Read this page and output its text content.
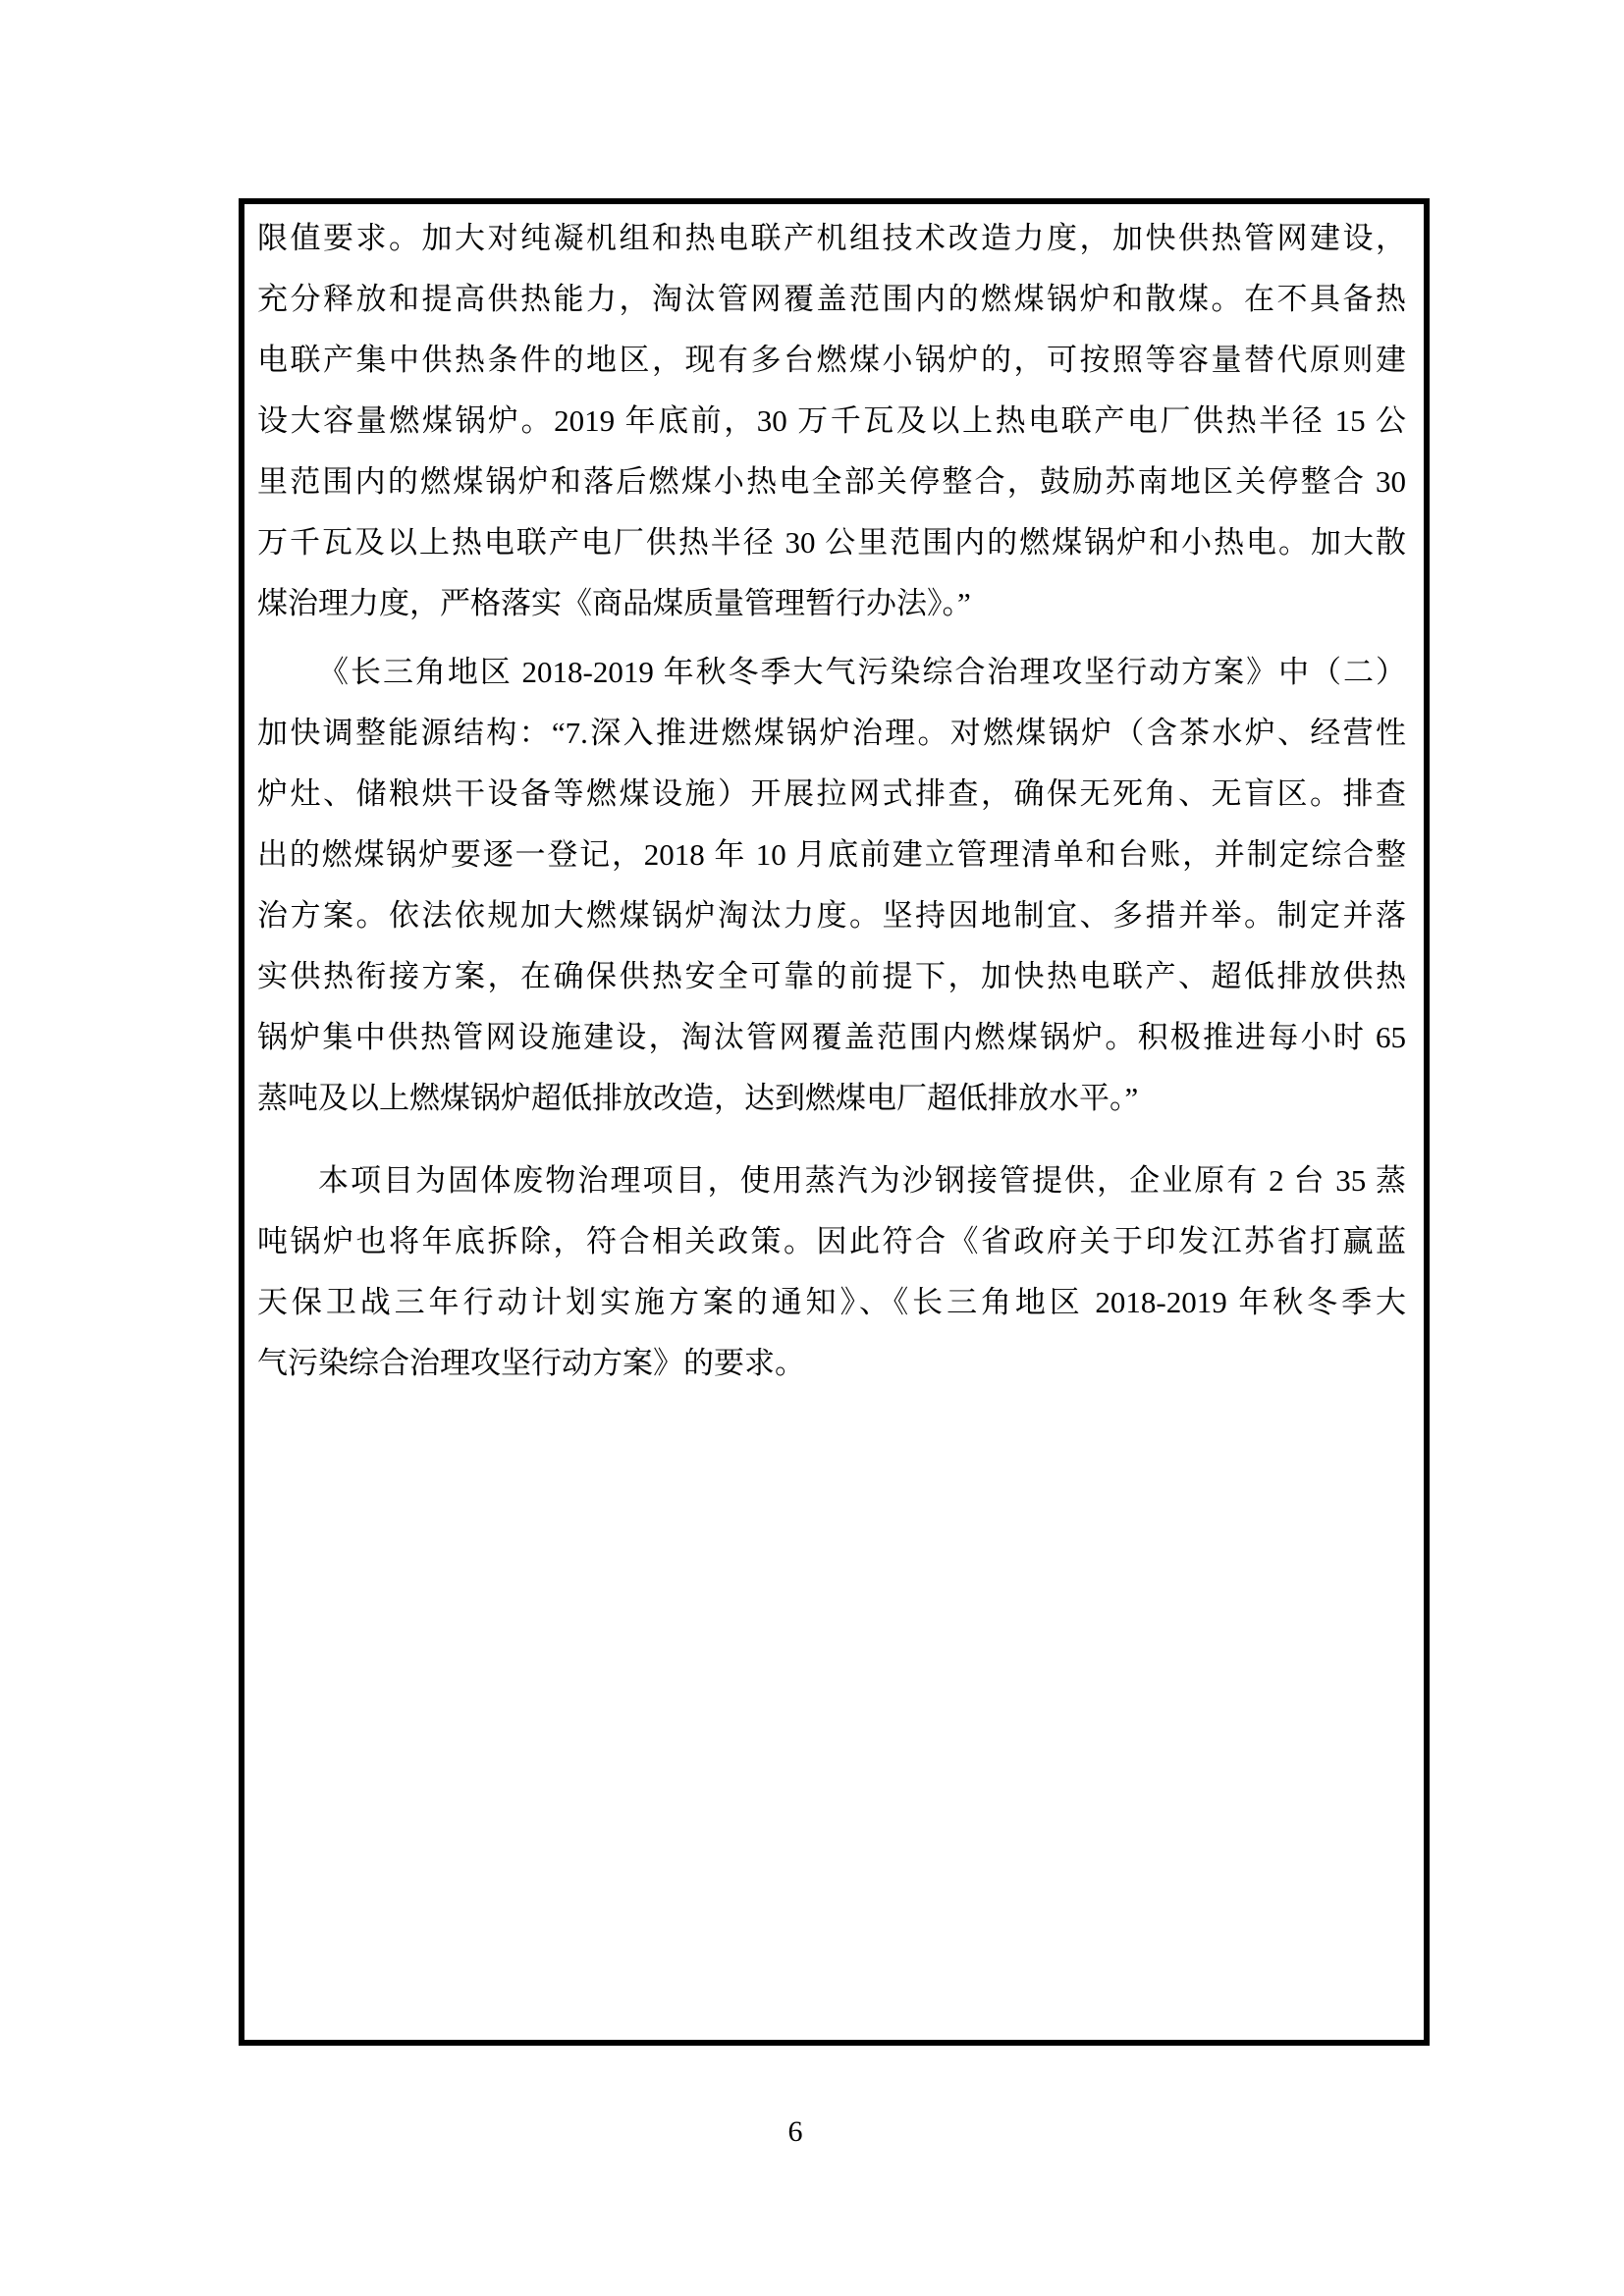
限值要求。加大对纯凝机组和热电联产机组技术改造力度，加快供热管网建设，
充分释放和提高供热能力，淘汰管网覆盖范围内的燃煤锅炉和散煤。在不具备热
电联产集中供热条件的地区，现有多台燃煤小锅炉的，可按照等容量替代原则建
设大容量燃煤锅炉。2019 年底前，30 万千瓦及以上热电联产电厂供热半径 15 公
里范围内的燃煤锅炉和落后燃煤小热电全部关停整合，鼓励苏南地区关停整合 30
万千瓦及以上热电联产电厂供热半径 30 公里范围内的燃煤锅炉和小热电。加大散
煤治理力度，严格落实《商品煤质量管理暂行办法》。”
《长三角地区 2018-2019 年秋冬季大气污染综合治理攻坚行动方案》中（二）
加快调整能源结构：“7.深入推进燃煤锅炉治理。对燃煤锅炉（含茶水炉、经营性
炉灶、储粮烘干设备等燃煤设施）开展拉网式排查，确保无死角、无盲区。排查
出的燃煤锅炉要逐一登记，2018 年 10 月底前建立管理清单和台账，并制定综合整
治方案。依法依规加大燃煤锅炉淘汰力度。坚持因地制宜、多措并举。制定并落
实供热衔接方案，在确保供热安全可靠的前提下，加快热电联产、超低排放供热
锅炉集中供热管网设施建设，淘汰管网覆盖范围内燃煤锅炉。积极推进每小时 65
蒸吨及以上燃煤锅炉超低排放改造，达到燃煤电厂超低排放水平。”
本项目为固体废物治理项目，使用蒸汽为沙钢接管提供，企业原有 2 台 35 蒸
吨锅炉也将年底拆除，符合相关政策。因此符合《省政府关于印发江苏省打赢蓝
天保卫战三年行动计划实施方案的通知》、《长三角地区 2018-2019 年秋冬季大
气污染综合治理攻坚行动方案》的要求。
6
